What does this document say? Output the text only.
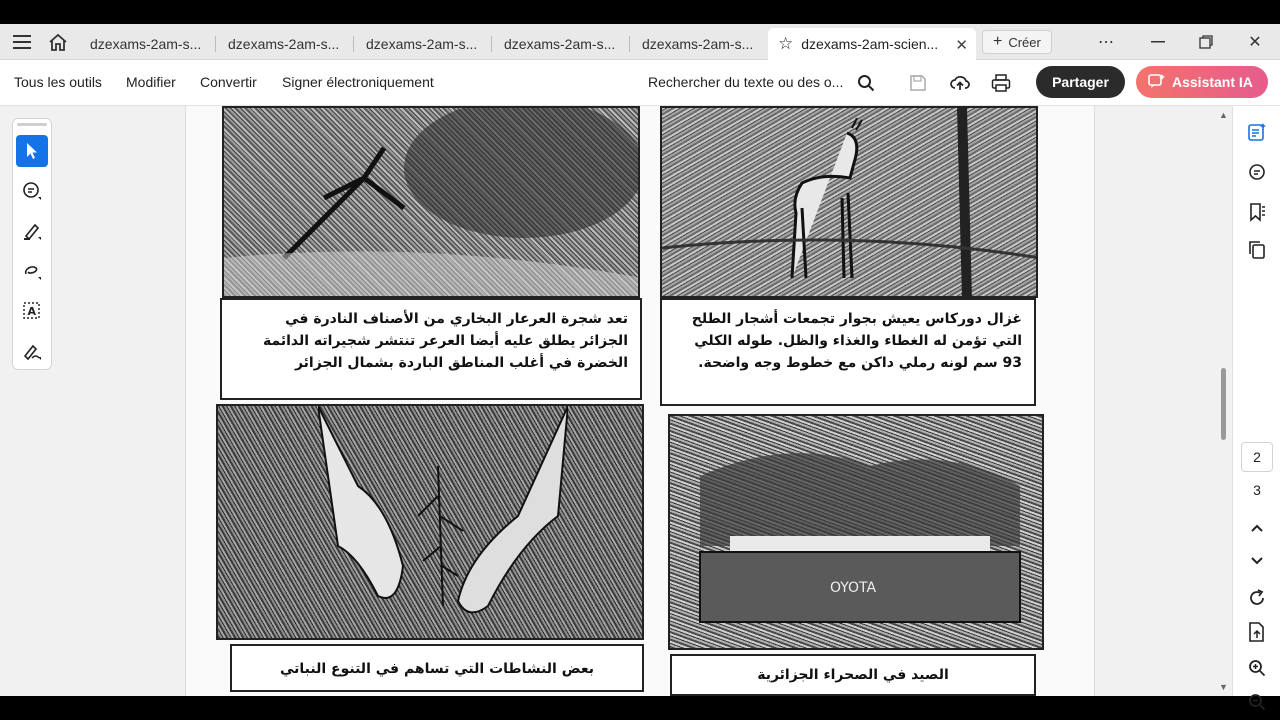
dzexams-2am-s... dzexams-2am-s... dzexams-2am-s... dzexams-2am-s... dzexams-2am-s... ☆ dzexams-2am-scien... ✕ + Créer	⋯	✕
Tous les outils Modifier Convertir Signer électroniquement	Rechercher du texte ou des o...	Partager	Assistant IA
A	تعد شجرة العرعار البخاري من الأصناف النادرة في الجزائر يطلق عليه أيضا العرعر تنتشر شجيراته الدائمة الخضرة في أغلب المناطق الباردة بشمال الجزائر
غزال دوركاس يعيش بجوار تجمعات أشجار الطلح التي تؤمن له الغطاء والغذاء والظل. طوله الكلي 93 سم لونه رملي داكن مع خطوط وجه واضحة.
OYOTA
بعض النشاطات التي تساهم في التنوع النباتي	الصيد في الصحراء الجزائرية
▲
▼
2
3
